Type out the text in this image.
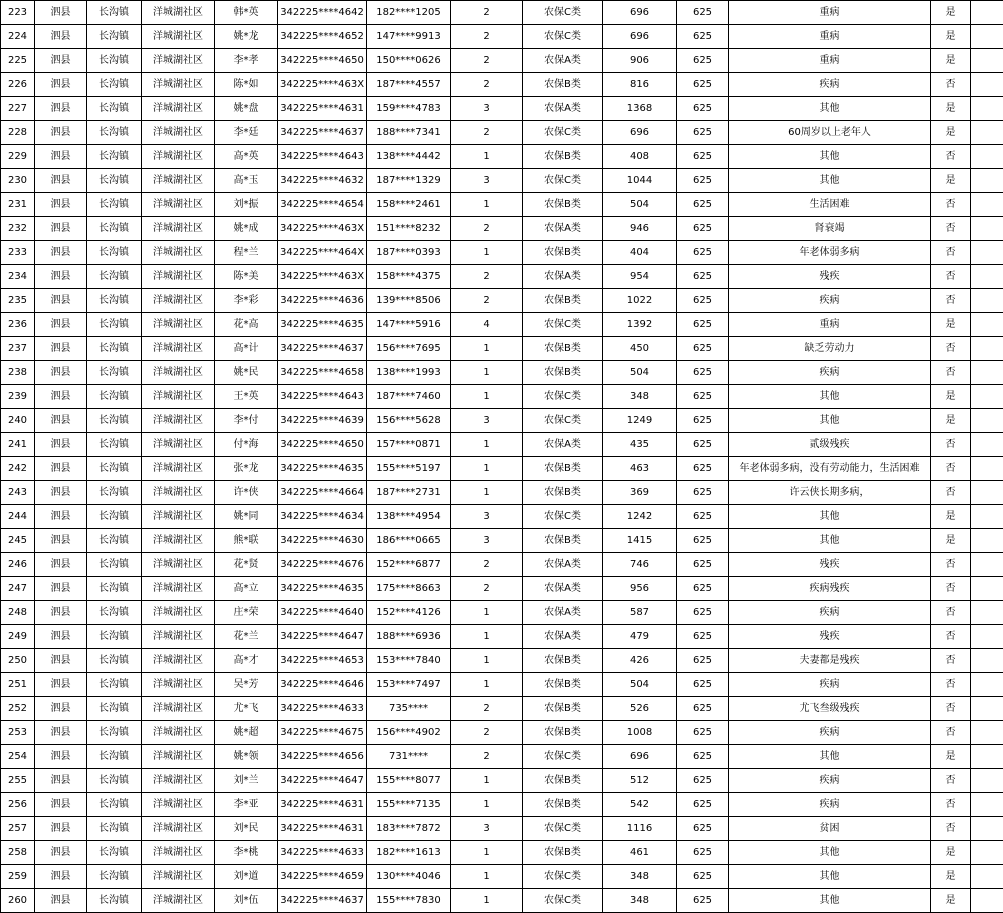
223	泗县	长沟镇	洋城湖社区	韩*英	342225****4642	182****1205	2	农保C类	696	625	重病	是	
224	泗县	长沟镇	洋城湖社区	姚*龙	342225****4652	147****9913	2	农保C类	696	625	重病	是	
225	泗县	长沟镇	洋城湖社区	李*孝	342225****4650	150****0626	2	农保A类	906	625	重病	是	
226	泗县	长沟镇	洋城湖社区	陈*如	342225****463X	187****4557	2	农保B类	816	625	疾病	否	
227	泗县	长沟镇	洋城湖社区	姚*盘	342225****4631	159****4783	3	农保A类	1368	625	其他	是	
228	泗县	长沟镇	洋城湖社区	李*廷	342225****4637	188****7341	2	农保C类	696	625	60周岁以上老年人	是	
229	泗县	长沟镇	洋城湖社区	高*英	342225****4643	138****4442	1	农保B类	408	625	其他	否	
230	泗县	长沟镇	洋城湖社区	高*玉	342225****4632	187****1329	3	农保C类	1044	625	其他	是	
231	泗县	长沟镇	洋城湖社区	刘*振	342225****4654	158****2461	1	农保B类	504	625	生活困难	否	
232	泗县	长沟镇	洋城湖社区	姚*成	342225****463X	151****8232	2	农保A类	946	625	肾衰竭	否	
233	泗县	长沟镇	洋城湖社区	程*兰	342225****464X	187****0393	1	农保B类	404	625	年老体弱多病	否	
234	泗县	长沟镇	洋城湖社区	陈*美	342225****463X	158****4375	2	农保A类	954	625	残疾	否	
235	泗县	长沟镇	洋城湖社区	李*彩	342225****4636	139****8506	2	农保B类	1022	625	疾病	否	
236	泗县	长沟镇	洋城湖社区	花*高	342225****4635	147****5916	4	农保C类	1392	625	重病	是	
237	泗县	长沟镇	洋城湖社区	高*计	342225****4637	156****7695	1	农保B类	450	625	缺乏劳动力	否	
238	泗县	长沟镇	洋城湖社区	姚*民	342225****4658	138****1993	1	农保B类	504	625	疾病	否	
239	泗县	长沟镇	洋城湖社区	王*英	342225****4643	187****7460	1	农保C类	348	625	其他	是	
240	泗县	长沟镇	洋城湖社区	李*付	342225****4639	156****5628	3	农保C类	1249	625	其他	是	
241	泗县	长沟镇	洋城湖社区	付*海	342225****4650	157****0871	1	农保A类	435	625	贰级残疾	否	
242	泗县	长沟镇	洋城湖社区	张*龙	342225****4635	155****5197	1	农保B类	463	625	年老体弱多病，没有劳动能力，生活困难	否	
243	泗县	长沟镇	洋城湖社区	许*侠	342225****4664	187****2731	1	农保B类	369	625	许云侠长期多病，	否	
244	泗县	长沟镇	洋城湖社区	姚*同	342225****4634	138****4954	3	农保C类	1242	625	其他	是	
245	泗县	长沟镇	洋城湖社区	熊*联	342225****4630	186****0665	3	农保B类	1415	625	其他	是	
246	泗县	长沟镇	洋城湖社区	花*贤	342225****4676	152****6877	2	农保A类	746	625	残疾	否	
247	泗县	长沟镇	洋城湖社区	高*立	342225****4635	175****8663	2	农保A类	956	625	疾病残疾	否	
248	泗县	长沟镇	洋城湖社区	庄*荣	342225****4640	152****4126	1	农保A类	587	625	疾病	否	
249	泗县	长沟镇	洋城湖社区	花*兰	342225****4647	188****6936	1	农保A类	479	625	残疾	否	
250	泗县	长沟镇	洋城湖社区	高*才	342225****4653	153****7840	1	农保B类	426	625	夫妻都是残疾	否	
251	泗县	长沟镇	洋城湖社区	吴*芳	342225****4646	153****7497	1	农保B类	504	625	疾病	否	
252	泗县	长沟镇	洋城湖社区	尤*飞	342225****4633	735****	2	农保B类	526	625	尤飞叁级残疾	否	
253	泗县	长沟镇	洋城湖社区	姚*超	342225****4675	156****4902	2	农保B类	1008	625	疾病	否	
254	泗县	长沟镇	洋城湖社区	姚*领	342225****4656	731****	2	农保C类	696	625	其他	是	
255	泗县	长沟镇	洋城湖社区	刘*兰	342225****4647	155****8077	1	农保B类	512	625	疾病	否	
256	泗县	长沟镇	洋城湖社区	李*亚	342225****4631	155****7135	1	农保B类	542	625	疾病	否	
257	泗县	长沟镇	洋城湖社区	刘*民	342225****4631	183****7872	3	农保C类	1116	625	贫困	否	
258	泗县	长沟镇	洋城湖社区	李*桃	342225****4633	182****1613	1	农保B类	461	625	其他	是	
259	泗县	长沟镇	洋城湖社区	刘*道	342225****4659	130****4046	1	农保C类	348	625	其他	是	
260	泗县	长沟镇	洋城湖社区	刘*伍	342225****4637	155****7830	1	农保C类	348	625	其他	是	
